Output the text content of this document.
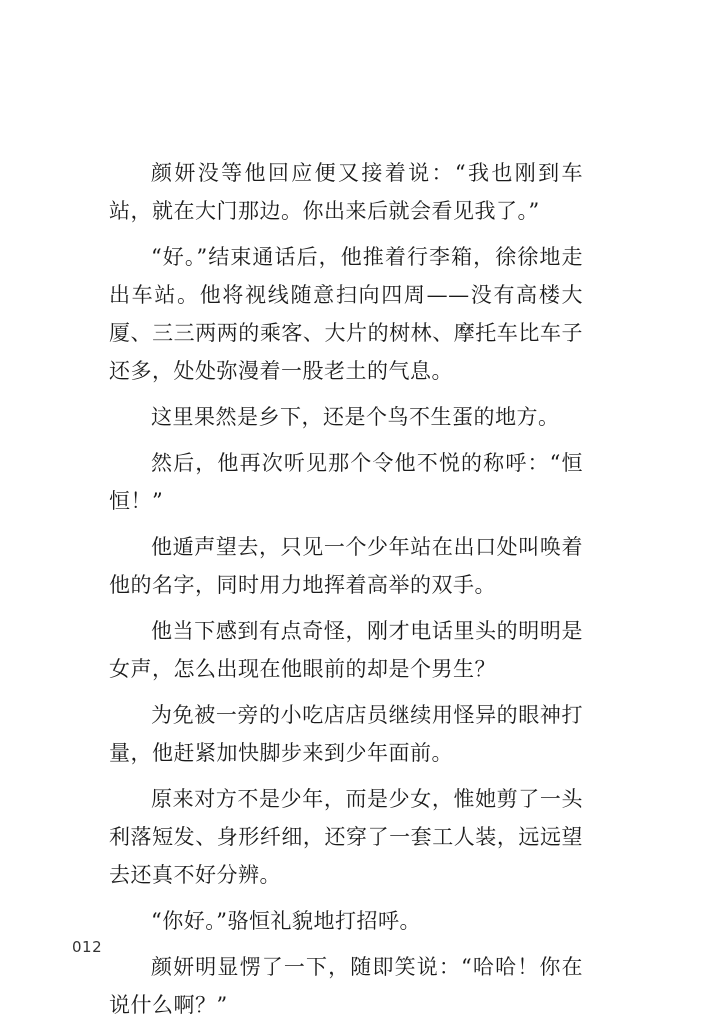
颜妍没等他回应便又接着说：“我也刚到车站，就在大门那边。你出来后就会看见我了。”

“好。”结束通话后，他推着行李箱，徐徐地走出车站。他将视线随意扫向四周——没有高楼大厦、三三两两的乘客、大片的树林、摩托车比车子还多，处处弥漫着一股老土的气息。

这里果然是乡下，还是个鸟不生蛋的地方。

然后，他再次听见那个令他不悦的称呼：“恒恒！”

他遁声望去，只见一个少年站在出口处叫唤着他的名字，同时用力地挥着高举的双手。

他当下感到有点奇怪，刚才电话里头的明明是女声，怎么出现在他眼前的却是个男生？

为免被一旁的小吃店店员继续用怪异的眼神打量，他赶紧加快脚步来到少年面前。

原来对方不是少年，而是少女，惟她剪了一头利落短发、身形纤细，还穿了一套工人装，远远望去还真不好分辨。

“你好。”骆恒礼貌地打招呼。

颜妍明显愣了一下，随即笑说：“哈哈！你在说什么啊？”

012
